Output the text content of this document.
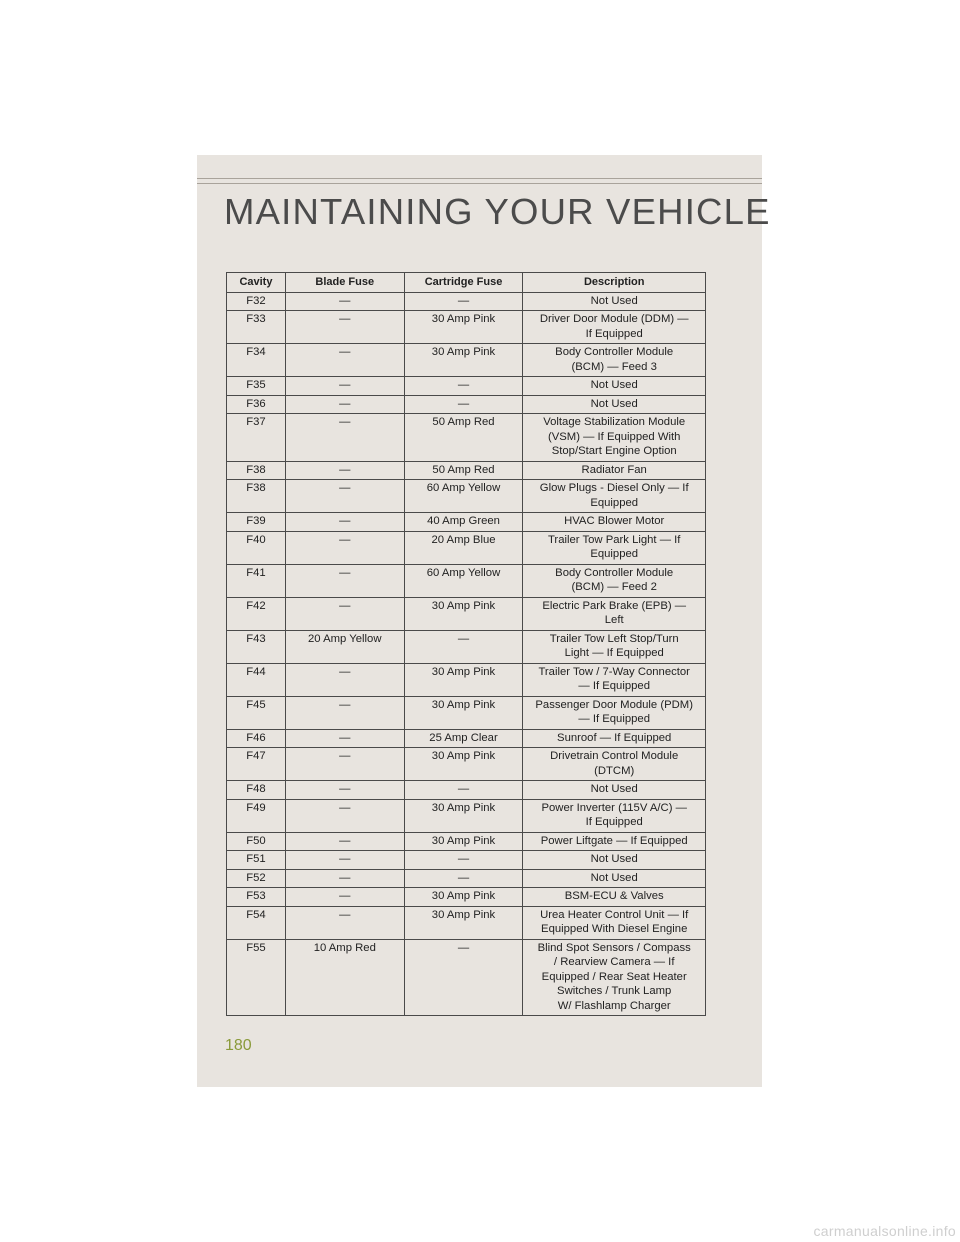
MAINTAINING YOUR VEHICLE
Cavity	Blade Fuse	Cartridge Fuse	Description
F32	—	—	Not Used

F33	—	30 Amp Pink	Driver Door Module (DDM) —
If Equipped

F34	—	30 Amp Pink	Body Controller Module
(BCM) — Feed 3

F35	—	—	Not Used

F36	—	—	Not Used

F37	—	50 Amp Red	Voltage Stabilization Module
(VSM) — If Equipped With
Stop/Start Engine Option

F38	—	50 Amp Red	Radiator Fan

F38	—	60 Amp Yellow	Glow Plugs - Diesel Only — If
Equipped

F39	—	40 Amp Green	HVAC Blower Motor

F40	—	20 Amp Blue	Trailer Tow Park Light — If
Equipped

F41	—	60 Amp Yellow	Body Controller Module
(BCM) — Feed 2

F42	—	30 Amp Pink	Electric Park Brake (EPB) —
Left

F43	20 Amp Yellow	—	Trailer Tow Left Stop/Turn
Light — If Equipped

F44	—	30 Amp Pink	Trailer Tow / 7-Way Connector
— If Equipped

F45	—	30 Amp Pink	Passenger Door Module (PDM)
— If Equipped

F46	—	25 Amp Clear	Sunroof — If Equipped

F47	—	30 Amp Pink	Drivetrain Control Module
(DTCM)

F48	—	—	Not Used

F49	—	30 Amp Pink	Power Inverter (115V A/C) —
If Equipped

F50	—	30 Amp Pink	Power Liftgate — If Equipped

F51	—	—	Not Used

F52	—	—	Not Used

F53	—	30 Amp Pink	BSM-ECU & Valves

F54	—	30 Amp Pink	Urea Heater Control Unit — If
Equipped With Diesel Engine

F55	10 Amp Red	—	Blind Spot Sensors / Compass
/ Rearview Camera — If
Equipped / Rear Seat Heater
Switches / Trunk Lamp
W/ Flashlamp Charger
180
carmanualsonline.info
